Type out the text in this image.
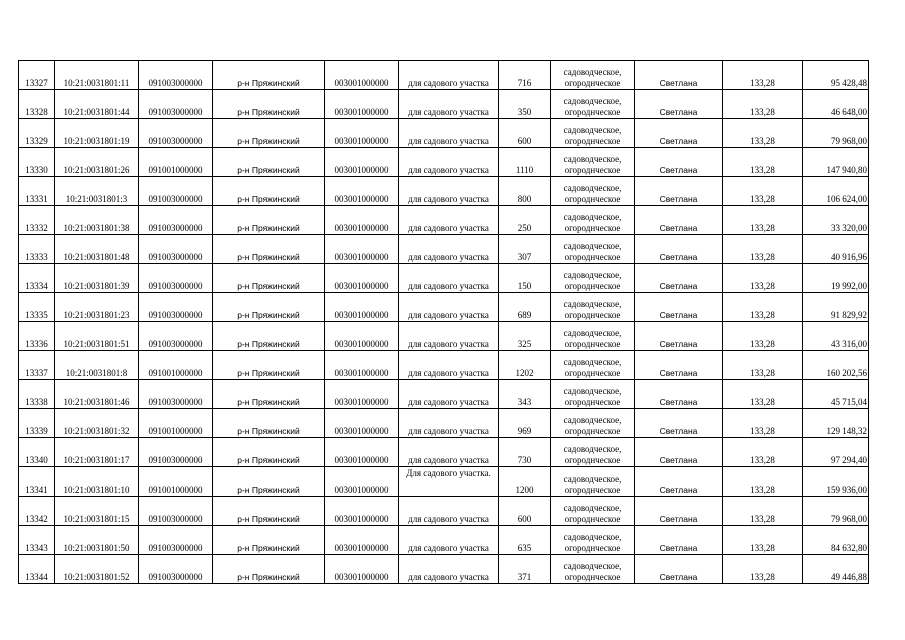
13327	10:21:0031801:11	091003000000	р-н Пряжинский	003001000000	для садового участка	716	садоводческое,
огороднческое	Светлана	133,28	95 428,48
13328	10:21:0031801:44	091003000000	р-н Пряжинский	003001000000	для садового участка	350	садоводческое,
огороднческое	Светлана	133,28	46 648,00
13329	10:21:0031801:19	091003000000	р-н Пряжинский	003001000000	для садового участка	600	садоводческое,
огороднческое	Светлана	133,28	79 968,00
13330	10:21:0031801:26	091001000000	р-н Пряжинский	003001000000	для садового участка	1110	садоводческое,
огороднческое	Светлана	133,28	147 940,80
13331	10:21:0031801:3	091003000000	р-н Пряжинский	003001000000	для садового участка	800	садоводческое,
огороднческое	Светлана	133,28	106 624,00
13332	10:21:0031801:38	091003000000	р-н Пряжинский	003001000000	для садового участка	250	садоводческое,
огороднческое	Светлана	133,28	33 320,00
13333	10:21:0031801:48	091003000000	р-н Пряжинский	003001000000	для садового участка	307	садоводческое,
огороднческое	Светлана	133,28	40 916,96
13334	10:21:0031801:39	091003000000	р-н Пряжинский	003001000000	для садового участка	150	садоводческое,
огороднческое	Светлана	133,28	19 992,00
13335	10:21:0031801:23	091003000000	р-н Пряжинский	003001000000	для садового участка	689	садоводческое,
огороднческое	Светлана	133,28	91 829,92
13336	10:21:0031801:51	091003000000	р-н Пряжинский	003001000000	для садового участка	325	садоводческое,
огороднческое	Светлана	133,28	43 316,00
13337	10:21:0031801:8	091001000000	р-н Пряжинский	003001000000	для садового участка	1202	садоводческое,
огороднческое	Светлана	133,28	160 202,56
13338	10:21:0031801:46	091003000000	р-н Пряжинский	003001000000	для садового участка	343	садоводческое,
огороднческое	Светлана	133,28	45 715,04
13339	10:21:0031801:32	091001000000	р-н Пряжинский	003001000000	для садового участка	969	садоводческое,
огороднческое	Светлана	133,28	129 148,32
13340	10:21:0031801:17	091003000000	р-н Пряжинский	003001000000	для садового участка	730	садоводческое,
огороднческое	Светлана	133,28	97 294,40
13341	10:21:0031801:10	091001000000	р-н Пряжинский	003001000000	Для садового участка.	1200	садоводческое,
огороднческое	Светлана	133,28	159 936,00
13342	10:21:0031801:15	091003000000	р-н Пряжинский	003001000000	для садового участка	600	садоводческое,
огороднческое	Светлана	133,28	79 968,00
13343	10:21:0031801:50	091003000000	р-н Пряжинский	003001000000	для садового участка	635	садоводческое,
огороднческое	Светлана	133,28	84 632,80
13344	10:21:0031801:52	091003000000	р-н Пряжинский	003001000000	для садового участка	371	садоводческое,
огороднческое	Светлана	133,28	49 446,88
